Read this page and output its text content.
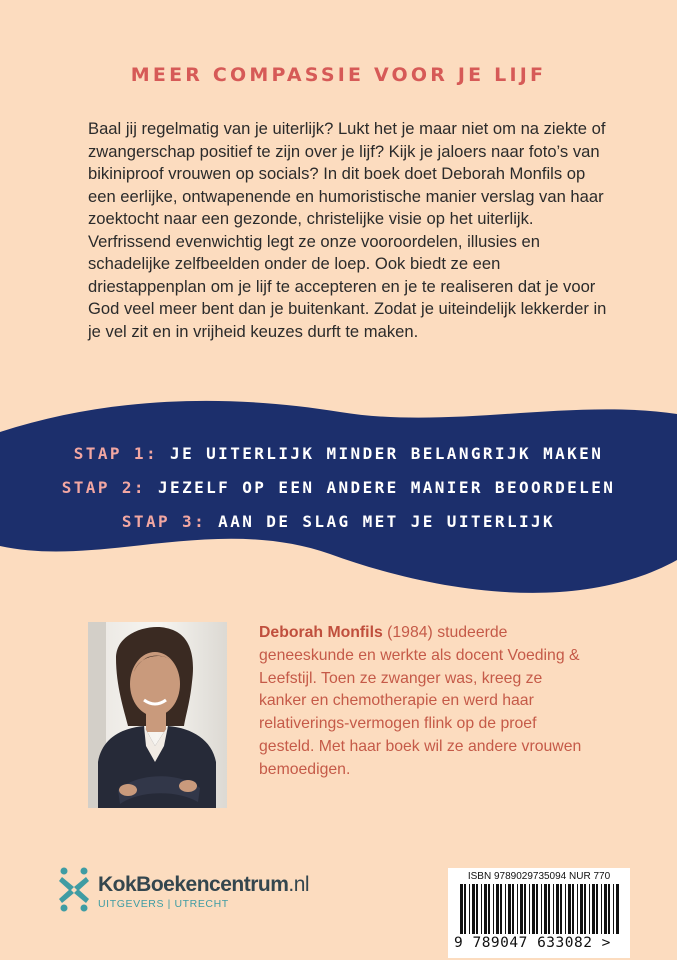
MEER COMPASSIE VOOR JE LIJF

Baal jij regelmatig van je uiterlijk? Lukt het je maar niet om na ziekte of zwangerschap positief te zijn over je lijf? Kijk je jaloers naar foto’s van bikiniproof vrouwen op socials? In dit boek doet Deborah Monfils op een eerlijke, ontwapenende en humoristische manier verslag van haar zoektocht naar een gezonde, christelijke visie op het uiterlijk. Verfrissend evenwichtig legt ze onze vooroordelen, illusies en schadelijke zelfbeelden onder de loep. Ook biedt ze een driestappenplan om je lijf te accepteren en je te realiseren dat je voor God veel meer bent dan je buitenkant. Zodat je uiteindelijk lekkerder in je vel zit en in vrijheid keuzes durft te maken.

STAP 1: JE UITERLIJK MINDER BELANGRIJK MAKEN
STAP 2: JEZELF OP EEN ANDERE MANIER BEOORDELEN
STAP 3: AAN DE SLAG MET JE UITERLIJK

Deborah Monfils (1984) studeerde geneeskunde en werkte als docent Voeding & Leefstijl. Toen ze zwanger was, kreeg ze kanker en chemotherapie en werd haar relativerings-vermogen flink op de proef gesteld. Met haar boek wil ze andere vrouwen bemoedigen.

KokBoekencentrum.nl
UITGEVERS | UTRECHT
ISBN 9789029735094 NUR 770
9 789047 633082 >
